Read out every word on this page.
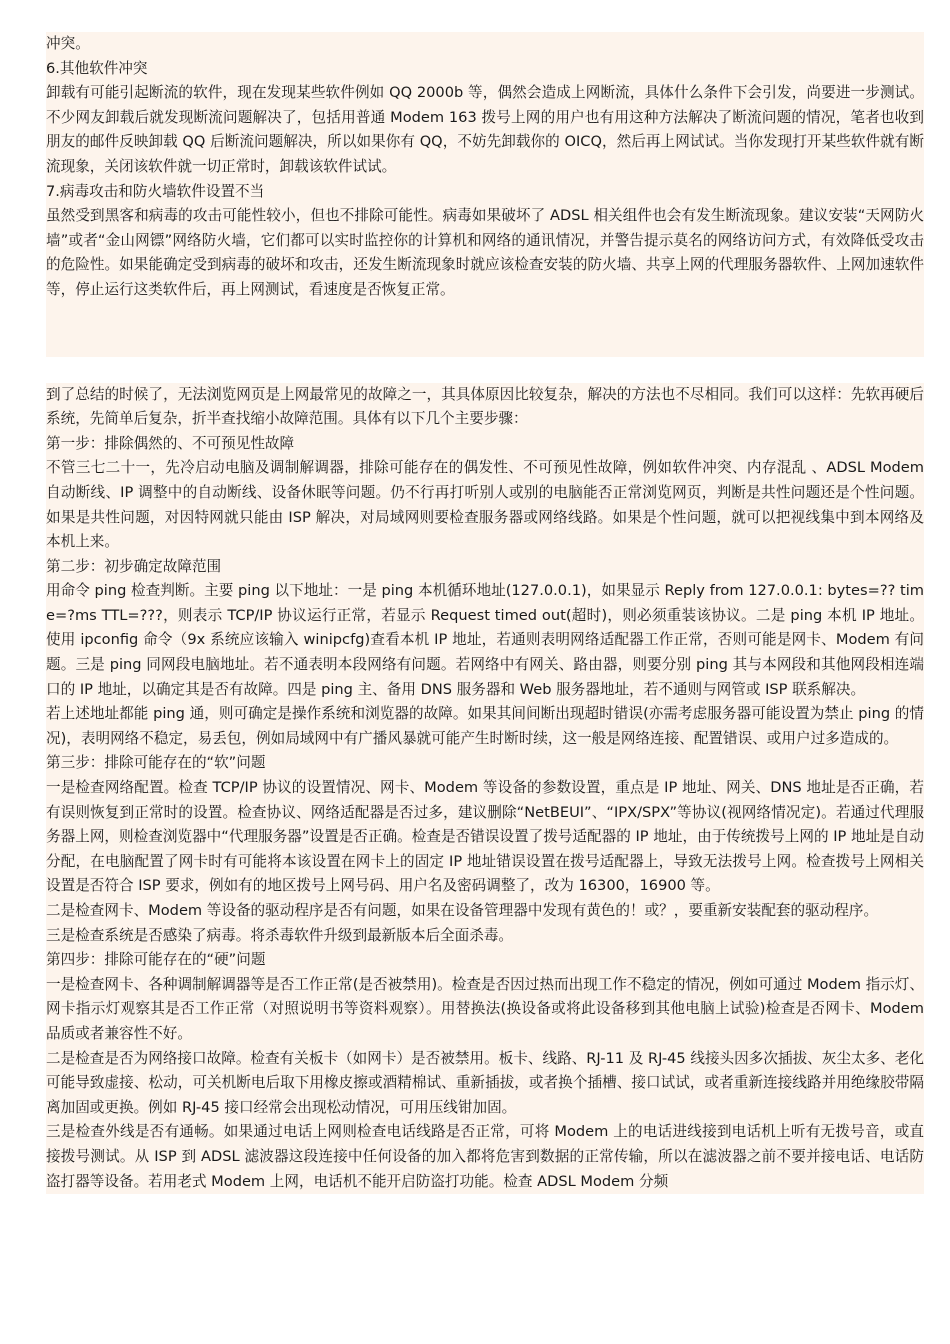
冲突。

6.其他软件冲突

卸载有可能引起断流的软件，现在发现某些软件例如 QQ 2000b 等，偶然会造成上网断流，具体什么条件下会引发，尚要进一步测试。不少网友卸载后就发现断流问题解决了，包括用普通 Modem 163 拨号上网的用户也有用这种方法解决了断流问题的情况，笔者也收到朋友的邮件反映卸载 QQ 后断流问题解决，所以如果你有 QQ，不妨先卸载你的 OICQ，然后再上网试试。当你发现打开某些软件就有断流现象，关闭该软件就一切正常时，卸载该软件试试。

7.病毒攻击和防火墙软件设置不当

虽然受到黑客和病毒的攻击可能性较小，但也不排除可能性。病毒如果破坏了 ADSL 相关组件也会有发生断流现象。建议安装“天网防火墙”或者“金山网镖”网络防火墙，它们都可以实时监控你的计算机和网络的通讯情况，并警告提示莫名的网络访问方式，有效降低受攻击的危险性。如果能确定受到病毒的破坏和攻击，还发生断流现象时就应该检查安装的防火墙、共享上网的代理服务器软件、上网加速软件等，停止运行这类软件后，再上网测试，看速度是否恢复正常。

到了总结的时候了，无法浏览网页是上网最常见的故障之一，其具体原因比较复杂，解决的方法也不尽相同。我们可以这样：先软再硬后系统，先简单后复杂，折半查找缩小故障范围。具体有以下几个主要步骤：

第一步：排除偶然的、不可预见性故障

不管三七二十一，先冷启动电脑及调制解调器，排除可能存在的偶发性、不可预见性故障，例如软件冲突、内存混乱 、ADSL Modem 自动断线、IP 调整中的自动断线、设备休眠等问题。仍不行再打听别人或别的电脑能否正常浏览网页，判断是共性问题还是个性问题。如果是共性问题，对因特网就只能由 ISP 解决，对局域网则要检查服务器或网络线路。如果是个性问题，就可以把视线集中到本网络及本机上来。

第二步：初步确定故障范围

用命令 ping 检查判断。主要 ping 以下地址：一是 ping 本机循环地址(127.0.0.1)，如果显示 Reply from 127.0.0.1: bytes=?? time=?ms TTL=???，则表示 TCP/IP 协议运行正常，若显示 Request timed out(超时)，则必须重装该协议。二是 ping 本机 IP 地址。使用 ipconfig 命令（9x 系统应该输入 winipcfg)查看本机 IP 地址，若通则表明网络适配器工作正常，否则可能是网卡、Modem 有问题。三是 ping 同网段电脑地址。若不通表明本段网络有问题。若网络中有网关、路由器，则要分别 ping 其与本网段和其他网段相连端口的 IP 地址，以确定其是否有故障。四是 ping 主、备用 DNS 服务器和 Web 服务器地址，若不通则与网管或 ISP 联系解决。

若上述地址都能 ping 通，则可确定是操作系统和浏览器的故障。如果其间间断出现超时错误(亦需考虑服务器可能设置为禁止 ping 的情况)，表明网络不稳定，易丢包，例如局域网中有广播风暴就可能产生时断时续，这一般是网络连接、配置错误、或用户过多造成的。

第三步：排除可能存在的“软”问题

一是检查网络配置。检查 TCP/IP 协议的设置情况、网卡、Modem 等设备的参数设置，重点是 IP 地址、网关、DNS 地址是否正确，若有误则恢复到正常时的设置。检查协议、网络适配器是否过多，建议删除“NetBEUI”、“IPX/SPX”等协议(视网络情况定)。若通过代理服务器上网，则检查浏览器中“代理服务器”设置是否正确。检查是否错误设置了拨号适配器的 IP 地址，由于传统拨号上网的 IP 地址是自动分配，在电脑配置了网卡时有可能将本该设置在网卡上的固定 IP 地址错误设置在拨号适配器上，导致无法拨号上网。检查拨号上网相关设置是否符合 ISP 要求，例如有的地区拨号上网号码、用户名及密码调整了，改为 16300，16900 等。

二是检查网卡、Modem 等设备的驱动程序是否有问题，如果在设备管理器中发现有黄色的！或？，要重新安装配套的驱动程序。

三是检查系统是否感染了病毒。将杀毒软件升级到最新版本后全面杀毒。

第四步：排除可能存在的“硬”问题

一是检查网卡、各种调制解调器等是否工作正常(是否被禁用)。检查是否因过热而出现工作不稳定的情况，例如可通过 Modem 指示灯、网卡指示灯观察其是否工作正常（对照说明书等资料观察）。用替换法(换设备或将此设备移到其他电脑上试验)检查是否网卡、Modem 品质或者兼容性不好。

二是检查是否为网络接口故障。检查有关板卡（如网卡）是否被禁用。板卡、线路、RJ-11 及 RJ-45 线接头因多次插拔、灰尘太多、老化可能导致虚接、松动，可关机断电后取下用橡皮擦或酒精棉试、重新插拔，或者换个插槽、接口试试，或者重新连接线路并用绝缘胶带隔离加固或更换。例如 RJ-45 接口经常会出现松动情况，可用压线钳加固。

三是检查外线是否有通畅。如果通过电话上网则检查电话线路是否正常，可将 Modem 上的电话进线接到电话机上听有无拨号音，或直接拨号测试。从 ISP 到 ADSL 滤波器这段连接中任何设备的加入都将危害到数据的正常传输，所以在滤波器之前不要并接电话、电话防盗打器等设备。若用老式 Modem 上网，电话机不能开启防盗打功能。检查 ADSL Modem 分频
